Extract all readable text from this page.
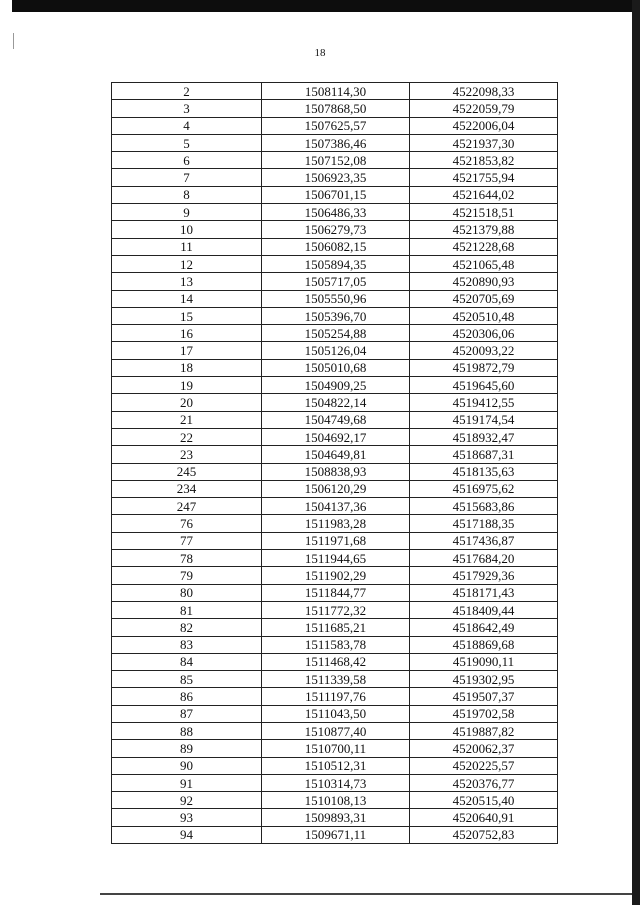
18
2	1508114,30	4522098,33
3	1507868,50	4522059,79
4	1507625,57	4522006,04
5	1507386,46	4521937,30
6	1507152,08	4521853,82
7	1506923,35	4521755,94
8	1506701,15	4521644,02
9	1506486,33	4521518,51
10	1506279,73	4521379,88
11	1506082,15	4521228,68
12	1505894,35	4521065,48
13	1505717,05	4520890,93
14	1505550,96	4520705,69
15	1505396,70	4520510,48
16	1505254,88	4520306,06
17	1505126,04	4520093,22
18	1505010,68	4519872,79
19	1504909,25	4519645,60
20	1504822,14	4519412,55
21	1504749,68	4519174,54
22	1504692,17	4518932,47
23	1504649,81	4518687,31
245	1508838,93	4518135,63
234	1506120,29	4516975,62
247	1504137,36	4515683,86
76	1511983,28	4517188,35
77	1511971,68	4517436,87
78	1511944,65	4517684,20
79	1511902,29	4517929,36
80	1511844,77	4518171,43
81	1511772,32	4518409,44
82	1511685,21	4518642,49
83	1511583,78	4518869,68
84	1511468,42	4519090,11
85	1511339,58	4519302,95
86	1511197,76	4519507,37
87	1511043,50	4519702,58
88	1510877,40	4519887,82
89	1510700,11	4520062,37
90	1510512,31	4520225,57
91	1510314,73	4520376,77
92	1510108,13	4520515,40
93	1509893,31	4520640,91
94	1509671,11	4520752,83
